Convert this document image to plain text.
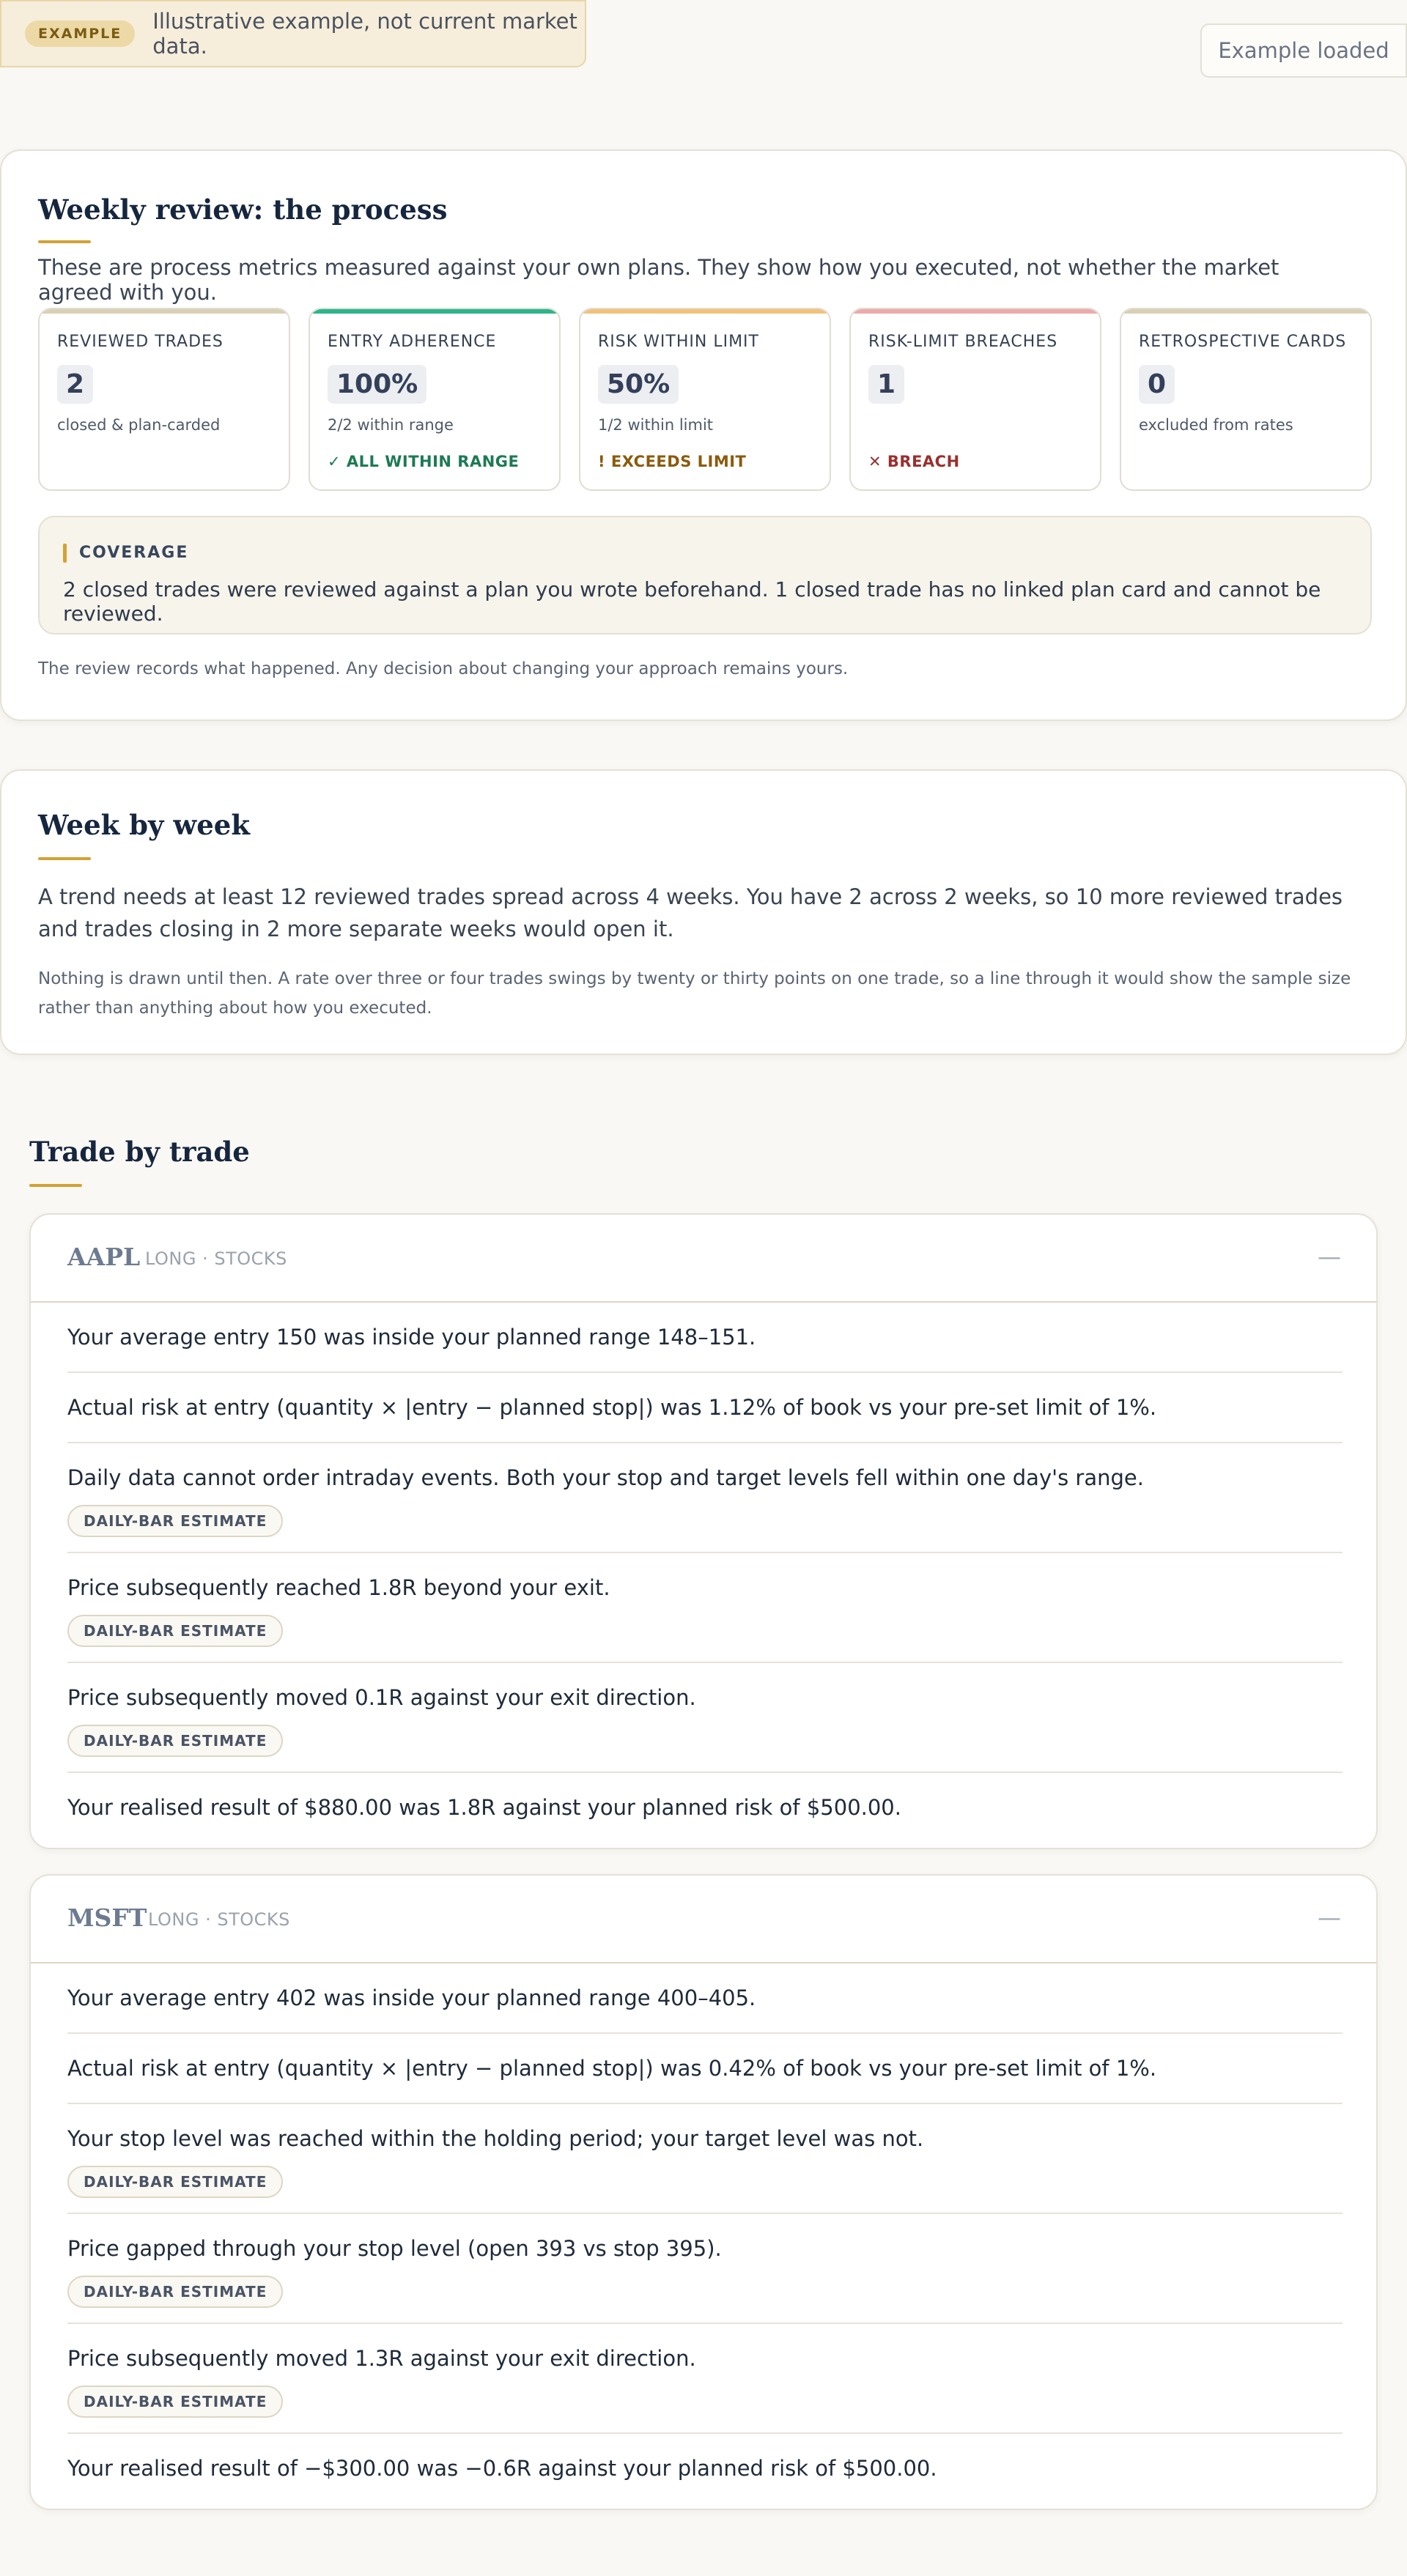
EXAMPLE	Illustrative example, not current market data.	Example loaded
Weekly review: the process
These are process metrics measured against your own plans. They show how you executed, not whether the market agreed with you.
REVIEWED TRADES
2
closed & plan-carded
ENTRY ADHERENCE
100%
2/2 within range
✓ ALL WITHIN RANGE
RISK WITHIN LIMIT
50%
1/2 within limit
! EXCEEDS LIMIT
RISK-LIMIT BREACHES
1
✕ BREACH
RETROSPECTIVE CARDS
0
excluded from rates
COVERAGE
2 closed trades were reviewed against a plan you wrote beforehand. 1 closed trade has no linked plan card and cannot be reviewed.
The review records what happened. Any decision about changing your approach remains yours.
Week by week
A trend needs at least 12 reviewed trades spread across 4 weeks. You have 2 across 2 weeks, so 10 more reviewed trades and trades closing in 2 more separate weeks would open it.
Nothing is drawn until then. A rate over three or four trades swings by twenty or thirty points on one trade, so a line through it would show the sample size rather than anything about how you executed.
Trade by trade
AAPL LONG · STOCKS	—
Your average entry 150 was inside your planned range 148–151.
Actual risk at entry (quantity × |entry − planned stop|) was 1.12% of book vs your pre-set limit of 1%.
Daily data cannot order intraday events. Both your stop and target levels fell within one day's range.
DAILY-BAR ESTIMATE
Price subsequently reached 1.8R beyond your exit.
DAILY-BAR ESTIMATE
Price subsequently moved 0.1R against your exit direction.
DAILY-BAR ESTIMATE
Your realised result of $880.00 was 1.8R against your planned risk of $500.00.
MSFT LONG · STOCKS	—
Your average entry 402 was inside your planned range 400–405.
Actual risk at entry (quantity × |entry − planned stop|) was 0.42% of book vs your pre-set limit of 1%.
Your stop level was reached within the holding period; your target level was not.
DAILY-BAR ESTIMATE
Price gapped through your stop level (open 393 vs stop 395).
DAILY-BAR ESTIMATE
Price subsequently moved 1.3R against your exit direction.
DAILY-BAR ESTIMATE
Your realised result of −$300.00 was −0.6R against your planned risk of $500.00.
